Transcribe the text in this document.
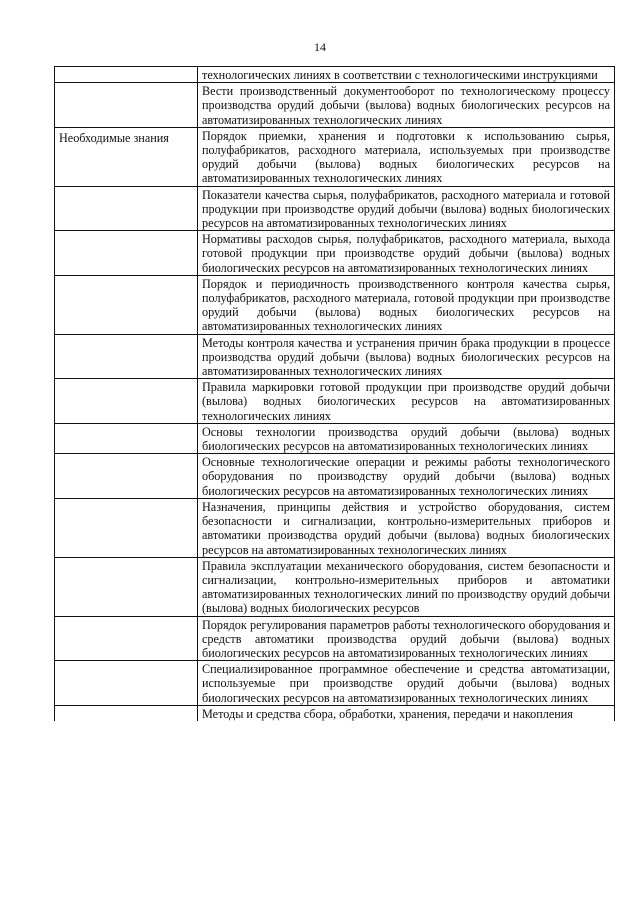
14
	технологических линиях в соответствии с технологическими инструкциями
	Вести производственный документооборот по технологическому процессу производства орудий добычи (вылова) водных биологических ресурсов на автоматизированных технологических линиях
Необходимые знания	Порядок приемки, хранения и подготовки к использованию сырья, полуфабрикатов, расходного материала, используемых при производстве орудий добычи (вылова) водных биологических ресурсов на автоматизированных технологических линиях
	Показатели качества сырья, полуфабрикатов, расходного материала и готовой продукции при производстве орудий добычи (вылова) водных биологических ресурсов на автоматизированных технологических линиях
	Нормативы расходов сырья, полуфабрикатов, расходного материала, выхода готовой продукции при производстве орудий добычи (вылова) водных биологических ресурсов на автоматизированных технологических линиях
	Порядок и периодичность производственного контроля качества сырья, полуфабрикатов, расходного материала, готовой продукции при производстве орудий добычи (вылова) водных биологических ресурсов на автоматизированных технологических линиях
	Методы контроля качества и устранения причин брака продукции в процессе производства орудий добычи (вылова) водных биологических ресурсов на автоматизированных технологических линиях
	Правила маркировки готовой продукции при производстве орудий добычи (вылова) водных биологических ресурсов на автоматизированных технологических линиях
	Основы технологии производства орудий добычи (вылова) водных биологических ресурсов на автоматизированных технологических линиях
	Основные технологические операции и режимы работы технологического оборудования по производству орудий добычи (вылова) водных биологических ресурсов на автоматизированных технологических линиях
	Назначения, принципы действия и устройство оборудования, систем безопасности и сигнализации, контрольно-измерительных приборов и автоматики производства орудий добычи (вылова) водных биологических ресурсов на автоматизированных технологических линиях
	Правила эксплуатации механического оборудования, систем безопасности и сигнализации, контрольно-измерительных приборов и автоматики автоматизированных технологических линий по производству орудий добычи (вылова) водных биологических ресурсов
	Порядок регулирования параметров работы технологического оборудования и средств автоматики производства орудий добычи (вылова) водных биологических ресурсов на автоматизированных технологических линиях
	Специализированное программное обеспечение и средства автоматизации, используемые при производстве орудий добычи (вылова) водных биологических ресурсов на автоматизированных технологических линиях
	Методы и средства сбора, обработки, хранения, передачи и накопления
